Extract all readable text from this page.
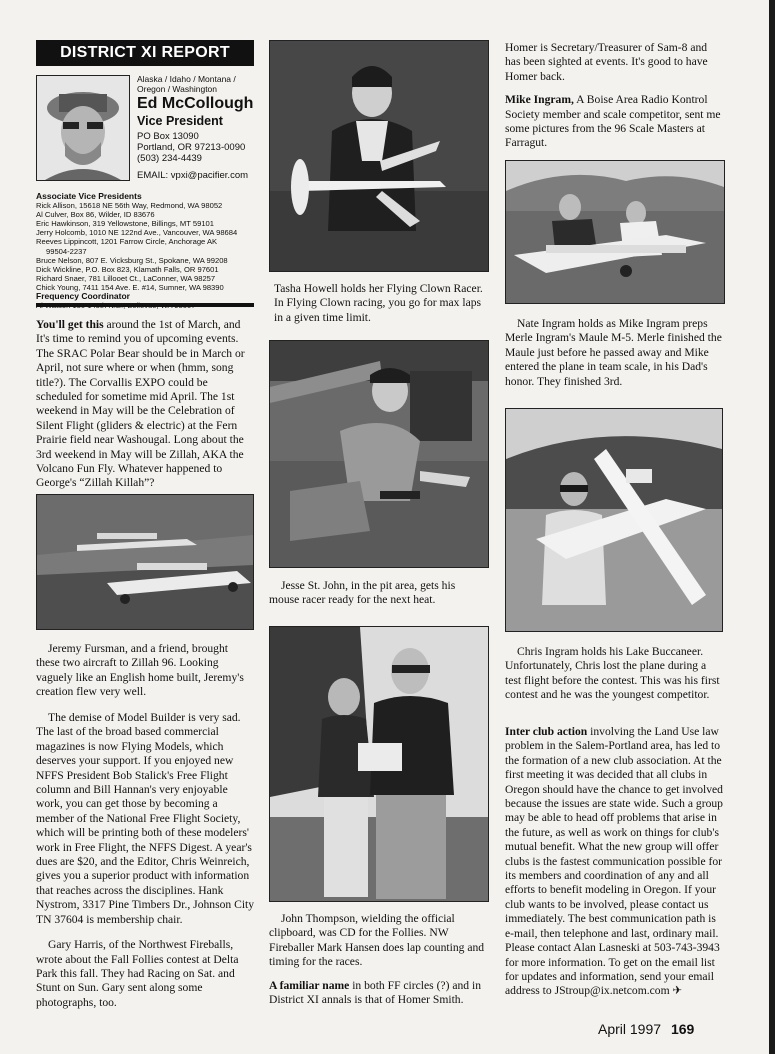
DISTRICT XI REPORT
Alaska / Idaho / Montana / Oregon / Washington
Ed McCollough
Vice President
PO Box 13090
Portland, OR 97213-0090
(503) 234-4439
EMAIL: vpxi@pacifier.com
Associate Vice Presidents
Rick Allison, 15618 NE 56th Way, Redmond, WA 98052
Al Culver, Box 86, Wilder, ID 83676
Eric Hawkinson, 319 Yellowstone, Billings, MT 59101
Jerry Holcomb, 1010 NE 122nd Ave., Vancouver, WA 98684
Reeves Lippincott, 1201 Farrow Circle, Anchorage AK
99504-2237
Bruce Nelson, 807 E. Vicksburg St., Spokane, WA 99208
Dick Wickline, P.O. Box 823, Klamath Falls, OR 97601
Richard Snaer, 781 Lillooet Ct., LaConner, WA 98257
Chick Young, 7411 154 Ave. E. #14, Sumner, WA 98390
Frequency Coordinator

You'll get this around the 1st of March, and It's time to remind you of upcoming events. The SRAC Polar Bear should be in March or April, not sure where or when (hmm, song title?). The Corvallis EXPO could be scheduled for sometime mid April. The 1st weekend in May will be the Celebration of Silent Flight (gliders & electric) at the Fern Prairie field near Washougal. Long about the 3rd weekend in May will be Zillah, AKA the Volcano Fun Fly. Whatever happened to George's “Zillah Killah”?

Jeremy Fursman, and a friend, brought these two aircraft to Zillah 96. Looking vaguely like an English home built, Jeremy's creation flew very well.

The demise of Model Builder is very sad. The last of the broad based commercial magazines is now Flying Models, which deserves your support. If you enjoyed new NFFS President Bob Stalick's Free Flight column and Bill Hannan's very enjoyable work, you can get those by becoming a member of the National Free Flight Society, which will be printing both of these modelers' work in Free Flight, the NFFS Digest. A year's dues are $20, and the Editor, Chris Weinreich, gives you a superior product with information that reaches across the disciplines. Hank Nystrom, 3317 Pine Timbers Dr., Johnson City TN 37604 is membership chair.

Gary Harris, of the Northwest Fireballs, wrote about the Fall Follies contest at Delta Park this fall. They had Racing on Sat. and Stunt on Sun. Gary sent along some photographs, too.

Tasha Howell holds her Flying Clown Racer. In Flying Clown racing, you go for max laps in a given time limit.
Jesse St. John, in the pit area, gets his mouse racer ready for the next heat.
John Thompson, wielding the official clipboard, was CD for the Follies. NW Fireballer Mark Hansen does lap counting and timing for the races.

A familiar name in both FF circles (?) and in District XI annals is that of Homer Smith.

Homer is Secretary/Treasurer of Sam-8 and has been sighted at events. It's good to have Homer back.

Mike Ingram, A Boise Area Radio Kontrol Society member and scale competitor, sent me some pictures from the 96 Scale Masters at Farragut.

Nate Ingram holds as Mike Ingram preps Merle Ingram's Maule M-5. Merle finished the Maule just before he passed away and Mike entered the plane in team scale, in his Dad's honor. They finished 3rd.
Chris Ingram holds his Lake Buccaneer. Unfortunately, Chris lost the plane during a test flight before the contest. This was his first contest and he was the youngest competitor.

Inter club action involving the Land Use law problem in the Salem-Portland area, has led to the formation of a new club association. At the first meeting it was decided that all clubs in Oregon should have the chance to get involved because the issues are state wide. Such a group may be able to head off problems that arise in the future, as well as work on things for club's mutual benefit. What the new group will offer clubs is the fastest communication possible for its members and coordination of any and all efforts to benefit modeling in Oregon. If your club wants to be involved, please contact us immediately. The best communication path is e-mail, then telephone and last, ordinary mail. Please contact Alan Lasneski at 503-743-3943 for more information. To get on the email list for updates and information, send your email address to JStroup@ix.netcom.com ✈

April 1997 169
